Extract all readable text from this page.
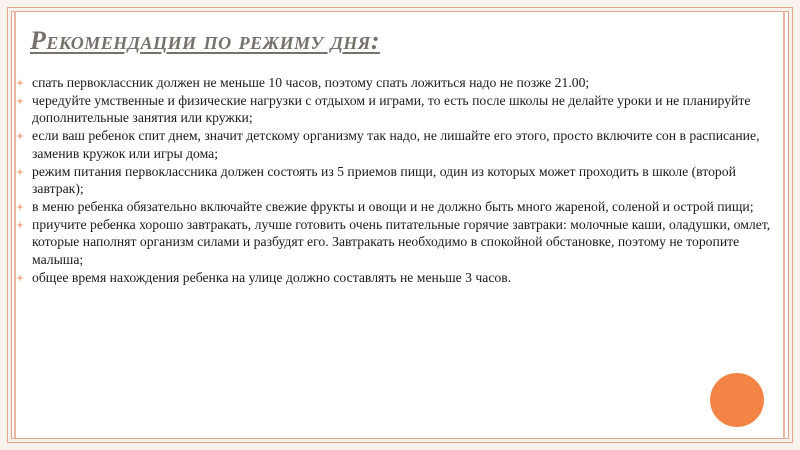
Рекомендации по режиму дня:
спать первоклассник должен не меньше 10 часов, поэтому спать ложиться надо не позже 21.00;
чередуйте умственные и физические нагрузки с отдыхом и играми, то есть после школы не делайте уроки и не планируйте дополнительные занятия или кружки;
если ваш ребенок спит днем, значит детскому организму так надо, не лишайте его этого, просто включите сон в расписание, заменив кружок или игры дома;
режим питания первоклассника должен состоять из 5 приемов пищи, один из которых может проходить в школе (второй завтрак);
в меню ребенка обязательно включайте свежие фрукты и овощи и не должно быть много жареной, соленой и острой пищи;
приучите ребенка хорошо завтракать, лучше готовить очень питательные горячие завтраки: молочные каши, оладушки, омлет, которые наполнят организм силами и разбудят его. Завтракать необходимо в спокойной обстановке, поэтому не торопите малыша;
общее время нахождения ребенка на улице должно составлять не меньше 3 часов.
